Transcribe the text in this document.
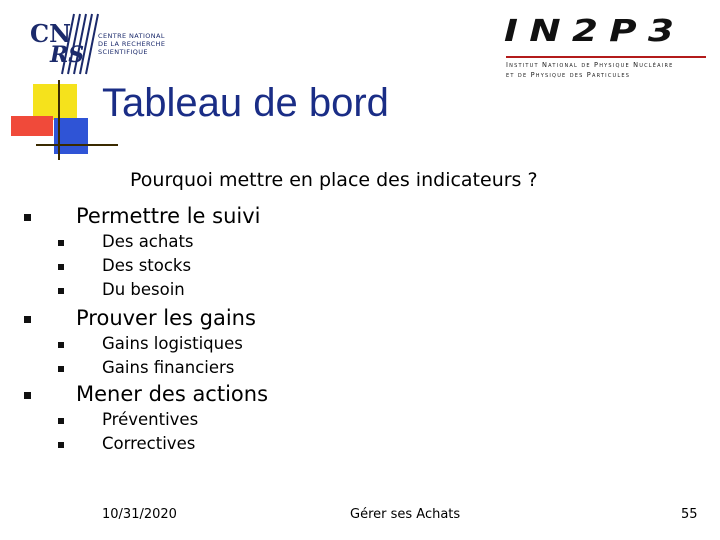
CN
RS
CENTRE NATIONAL
DE LA RECHERCHE
SCIENTIFIQUE
IN2P3
Institut National de Physique Nucléaire
et de Physique des Particules
Tableau de bord
Pourquoi mettre en place des indicateurs ?
Permettre le suivi
Des achats
Des stocks
Du besoin
Prouver les gains
Gains logistiques
Gains financiers
Mener des actions
Préventives
Correctives
10/31/2020	Gérer ses Achats	55
